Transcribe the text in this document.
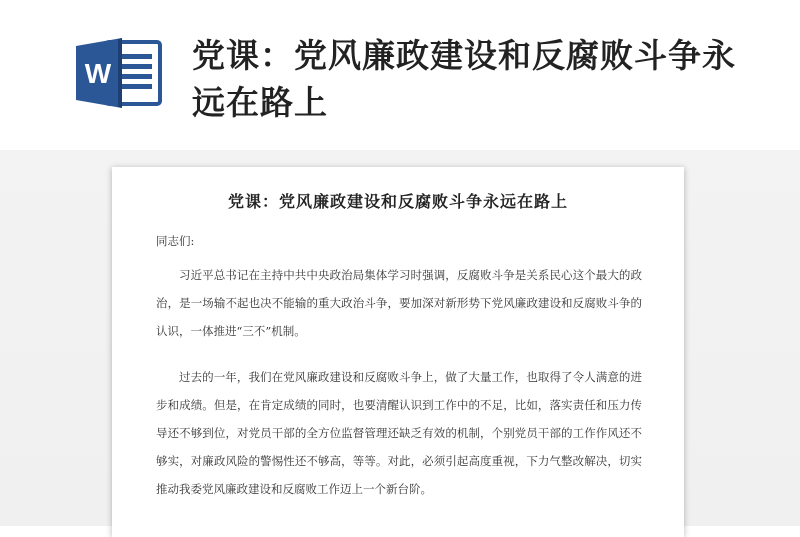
W 党课：党风廉政建设和反腐败斗争永远在路上
党课：党风廉政建设和反腐败斗争永远在路上
同志们:

习近平总书记在主持中共中央政治局集体学习时强调，反腐败斗争是关系民心这个最大的政治，是一场输不起也决不能输的重大政治斗争，要加深对新形势下党风廉政建设和反腐败斗争的认识，一体推进“三不”机制。

过去的一年，我们在党风廉政建设和反腐败斗争上，做了大量工作，也取得了令人满意的进步和成绩。但是，在肯定成绩的同时，也要清醒认识到工作中的不足，比如，落实责任和压力传导还不够到位，对党员干部的全方位监督管理还缺乏有效的机制，个别党员干部的工作作风还不够实，对廉政风险的警惕性还不够高，等等。对此，必须引起高度重视，下力气整改解决，切实推动我委党风廉政建设和反腐败工作迈上一个新台阶。
